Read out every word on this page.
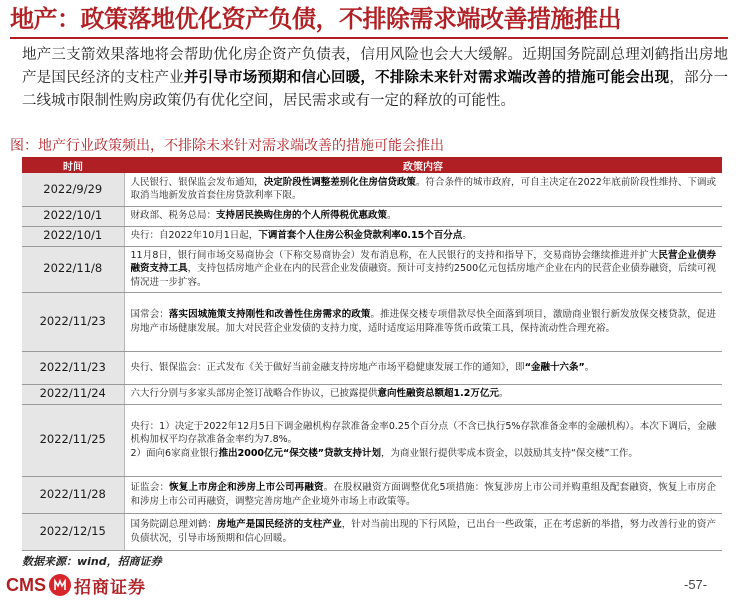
地产：政策落地优化资产负债，不排除需求端改善措施推出
地产三支箭效果落地将会帮助优化房企资产负债表，信用风险也会大大缓解。近期国务院副总理刘鹤指出房地产是国民经济的支柱产业并引导市场预期和信心回暖，不排除未来针对需求端改善的措施可能会出现，部分一二线城市限制性购房政策仍有优化空间，居民需求或有一定的释放的可能性。
图：地产行业政策频出，不排除未来针对需求端改善的措施可能会推出
时间	政策内容
2022/9/29	人民银行、银保监会发布通知，决定阶段性调整差别化住房信贷政策。符合条件的城市政府，可自主决定在2022年底前阶段性维持、下调或取消当地新发放首套住房贷款利率下限。
2022/10/1	财政部、税务总局：支持居民换购住房的个人所得税优惠政策。
2022/10/1	央行：自2022年10月1日起，下调首套个人住房公积金贷款利率0.15个百分点。
2022/11/8	11月8日，银行间市场交易商协会（下称交易商协会）发布消息称，在人民银行的支持和指导下，交易商协会继续推进并扩大民营企业债券融资支持工具，支持包括房地产企业在内的民营企业发债融资。预计可支持约2500亿元包括房地产企业在内的民营企业债券融资，后续可视情况进一步扩容。
2022/11/23	国常会：落实因城施策支持刚性和改善性住房需求的政策。推进保交楼专项借款尽快全面落到项目，激励商业银行新发放保交楼贷款，促进房地产市场健康发展。加大对民营企业发债的支持力度，适时适度运用降准等货币政策工具，保持流动性合理充裕。
2022/11/23	央行、银保监会：正式发布《关于做好当前金融支持房地产市场平稳健康发展工作的通知》，即“金融十六条”。
2022/11/24	六大行分别与多家头部房企签订战略合作协议，已披露提供意向性融资总额超1.2万亿元。
2022/11/25	央行：1）决定于2022年12月5日下调金融机构存款准备金率0.25个百分点（不含已执行5%存款准备金率的金融机构）。本次下调后，金融机构加权平均存款准备金率约为7.8%。
2）面向6家商业银行推出2000亿元“保交楼”贷款支持计划，为商业银行提供零成本资金，以鼓励其支持“保交楼”工作。
2022/11/28	证监会：恢复上市房企和涉房上市公司再融资。在股权融资方面调整优化5项措施：恢复涉房上市公司并购重组及配套融资，恢复上市房企和涉房上市公司再融资，调整完善房地产企业境外市场上市政策等。
2022/12/15	国务院副总理刘鹤：房地产是国民经济的支柱产业，针对当前出现的下行风险，已出台一些政策，正在考虑新的举措，努力改善行业的资产负债状况，引导市场预期和信心回暖。
数据来源：wind，招商证券
CMS 招商证券	-57-
